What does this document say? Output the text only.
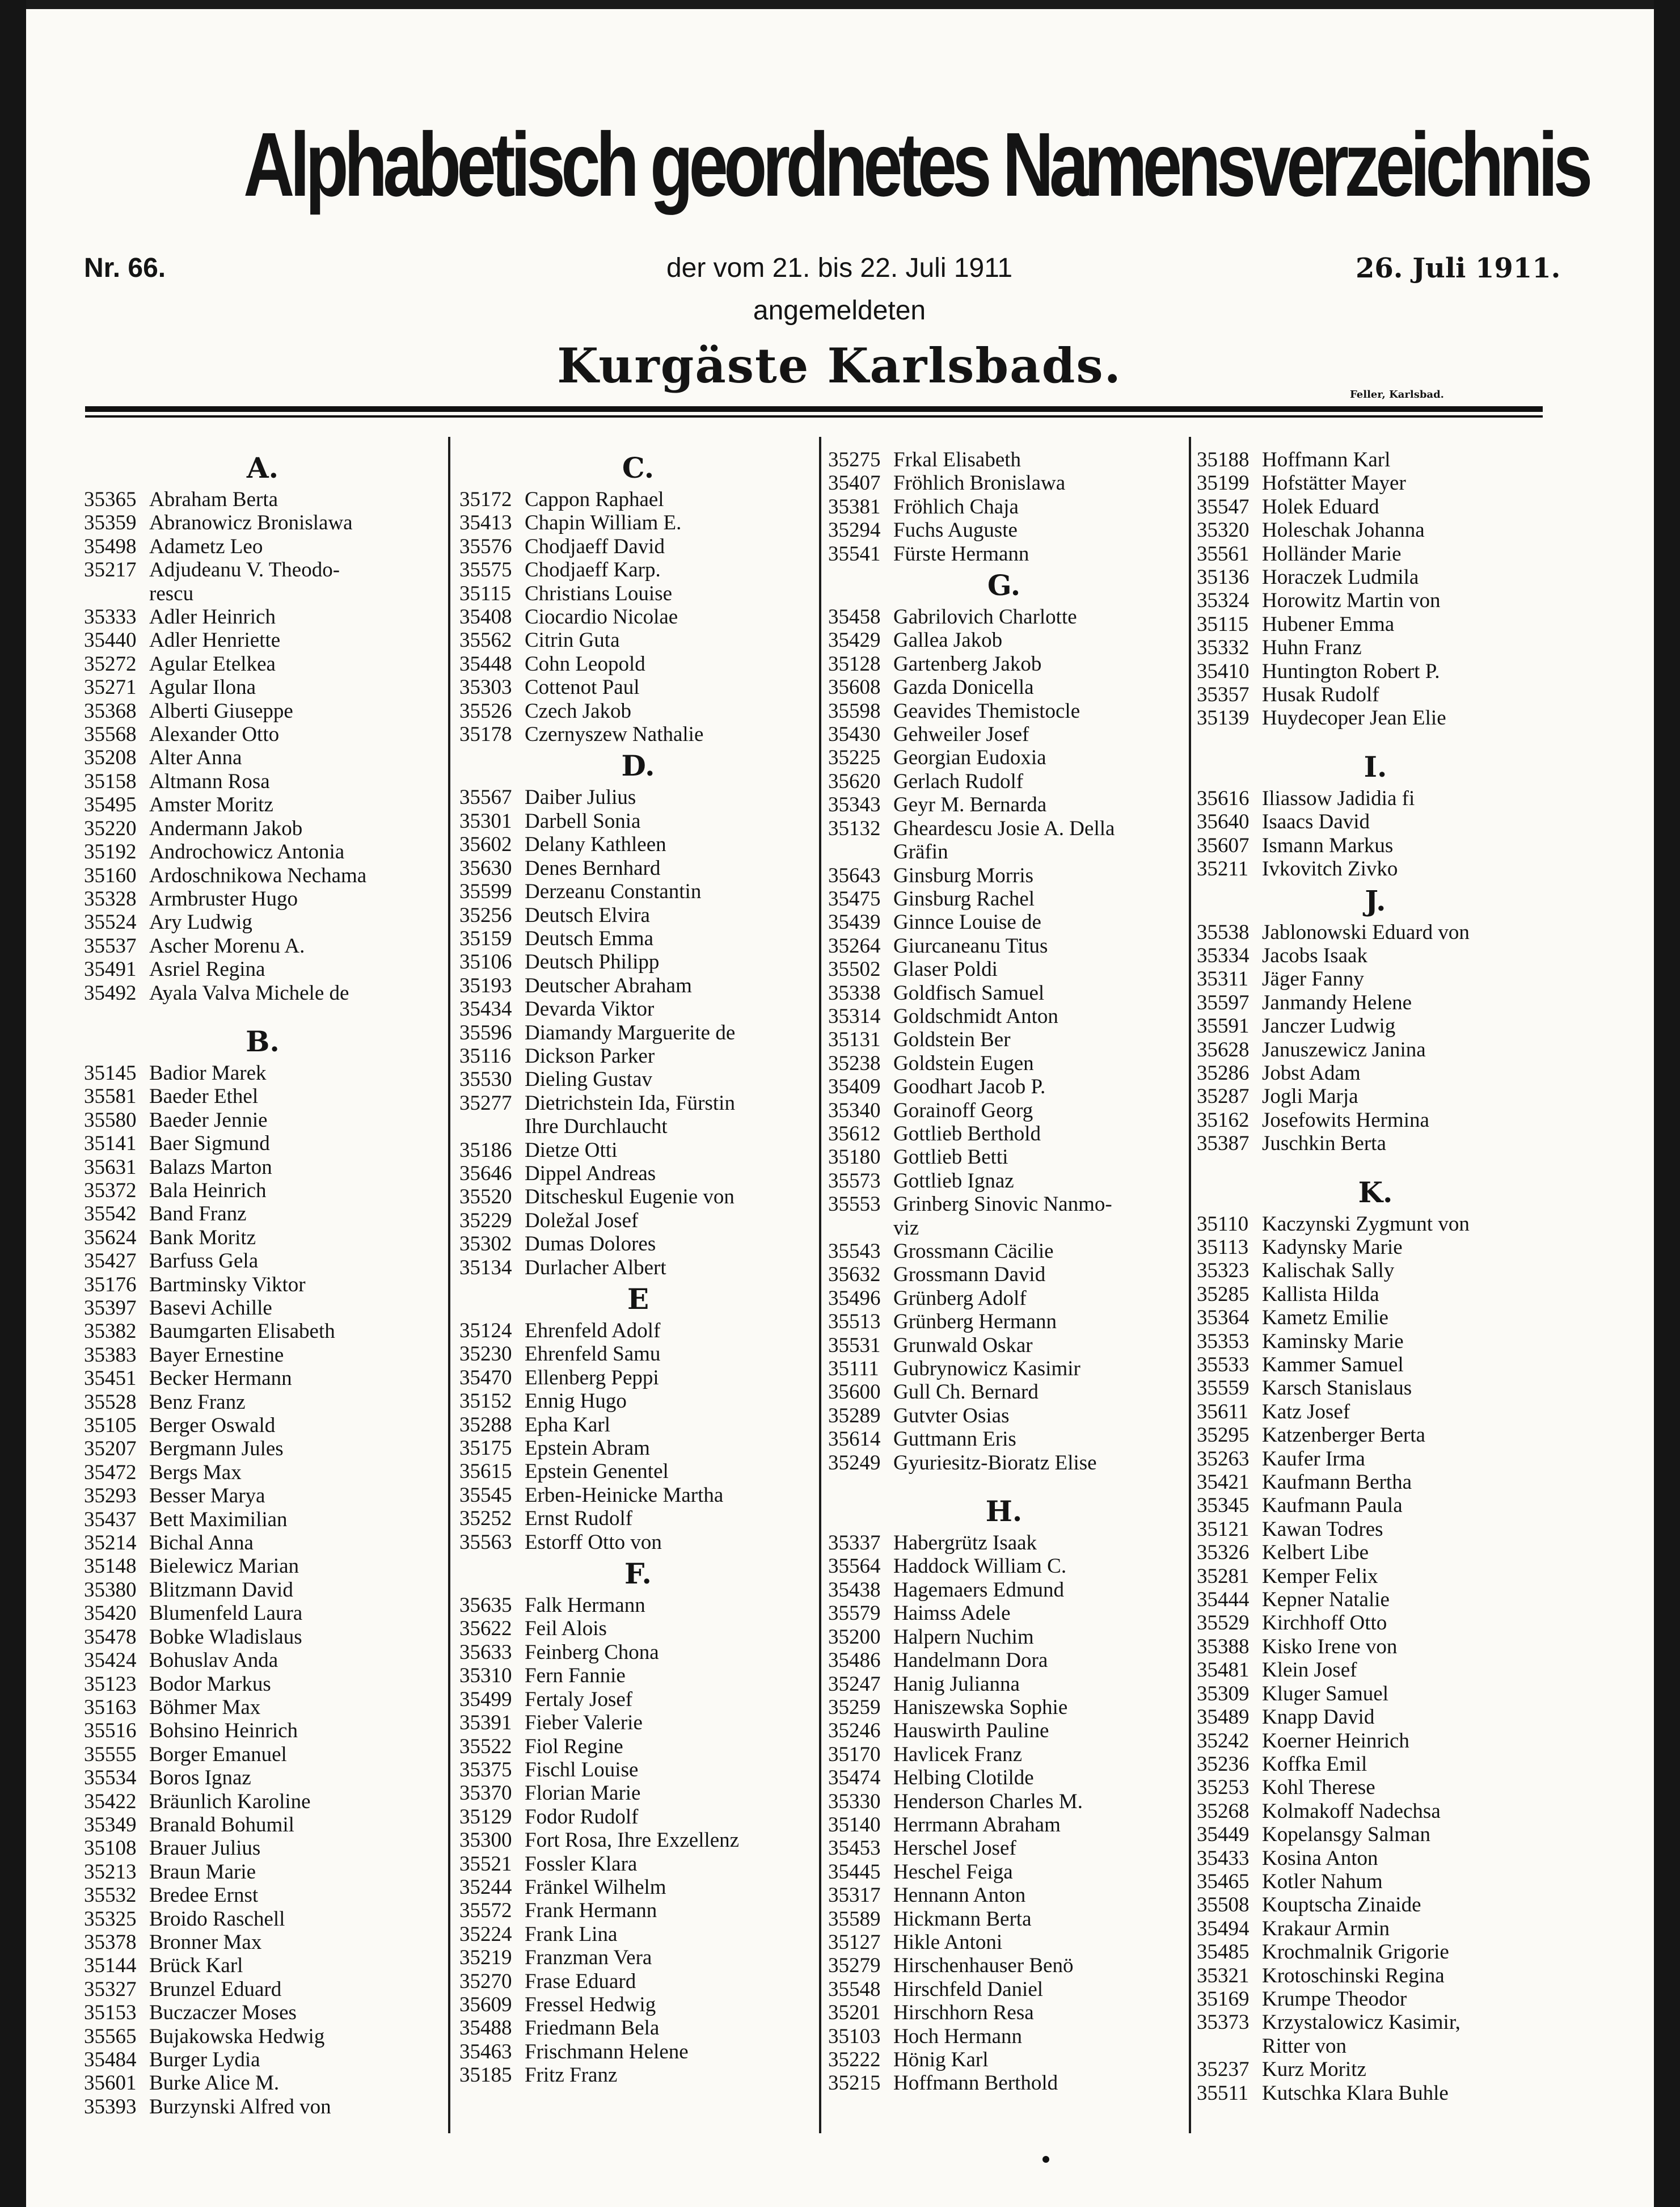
Alphabetisch geordnetes Namensverzeichnis
Nr. 66.	der vom 21. bis 22. Juli 1911	26. Juli 1911.
angemeldeten
Kurgäste Karlsbads.
Feller, Karlsbad.
A.
35365 Abraham Berta
35359 Abranowicz Bronislawa
35498 Adametz Leo
35217 Adjudeanu V. Theodo-
rescu
35333 Adler Heinrich
35440 Adler Henriette
35272 Agular Etelkea
35271 Agular Ilona
35368 Alberti Giuseppe
35568 Alexander Otto
35208 Alter Anna
35158 Altmann Rosa
35495 Amster Moritz
35220 Andermann Jakob
35192 Androchowicz Antonia
35160 Ardoschnikowa Nechama
35328 Armbruster Hugo
35524 Ary Ludwig
35537 Ascher Morenu A.
35491 Asriel Regina
35492 Ayala Valva Michele de
B.
35145 Badior Marek
35581 Baeder Ethel
35580 Baeder Jennie
35141 Baer Sigmund
35631 Balazs Marton
35372 Bala Heinrich
35542 Band Franz
35624 Bank Moritz
35427 Barfuss Gela
35176 Bartminsky Viktor
35397 Basevi Achille
35382 Baumgarten Elisabeth
35383 Bayer Ernestine
35451 Becker Hermann
35528 Benz Franz
35105 Berger Oswald
35207 Bergmann Jules
35472 Bergs Max
35293 Besser Marya
35437 Bett Maximilian
35214 Bichal Anna
35148 Bielewicz Marian
35380 Blitzmann David
35420 Blumenfeld Laura
35478 Bobke Wladislaus
35424 Bohuslav Anda
35123 Bodor Markus
35163 Böhmer Max
35516 Bohsino Heinrich
35555 Borger Emanuel
35534 Boros Ignaz
35422 Bräunlich Karoline
35349 Branald Bohumil
35108 Brauer Julius
35213 Braun Marie
35532 Bredee Ernst
35325 Broido Raschell
35378 Bronner Max
35144 Brück Karl
35327 Brunzel Eduard
35153 Buczaczer Moses
35565 Bujakowska Hedwig
35484 Burger Lydia
35601 Burke Alice M.
35393 Burzynski Alfred von
C.
35172 Cappon Raphael
35413 Chapin William E.
35576 Chodjaeff David
35575 Chodjaeff Karp.
35115 Christians Louise
35408 Ciocardio Nicolae
35562 Citrin Guta
35448 Cohn Leopold
35303 Cottenot Paul
35526 Czech Jakob
35178 Czernyszew Nathalie
D.
35567 Daiber Julius
35301 Darbell Sonia
35602 Delany Kathleen
35630 Denes Bernhard
35599 Derzeanu Constantin
35256 Deutsch Elvira
35159 Deutsch Emma
35106 Deutsch Philipp
35193 Deutscher Abraham
35434 Devarda Viktor
35596 Diamandy Marguerite de
35116 Dickson Parker
35530 Dieling Gustav
35277 Dietrichstein Ida, Fürstin
Ihre Durchlaucht
35186 Dietze Otti
35646 Dippel Andreas
35520 Ditscheskul Eugenie von
35229 Doležal Josef
35302 Dumas Dolores
35134 Durlacher Albert
E
35124 Ehrenfeld Adolf
35230 Ehrenfeld Samu
35470 Ellenberg Peppi
35152 Ennig Hugo
35288 Epha Karl
35175 Epstein Abram
35615 Epstein Genentel
35545 Erben-Heinicke Martha
35252 Ernst Rudolf
35563 Estorff Otto von
F.
35635 Falk Hermann
35622 Feil Alois
35633 Feinberg Chona
35310 Fern Fannie
35499 Fertaly Josef
35391 Fieber Valerie
35522 Fiol Regine
35375 Fischl Louise
35370 Florian Marie
35129 Fodor Rudolf
35300 Fort Rosa, Ihre Exzellenz
35521 Fossler Klara
35244 Fränkel Wilhelm
35572 Frank Hermann
35224 Frank Lina
35219 Franzman Vera
35270 Frase Eduard
35609 Fressel Hedwig
35488 Friedmann Bela
35463 Frischmann Helene
35185 Fritz Franz
35275 Frkal Elisabeth
35407 Fröhlich Bronislawa
35381 Fröhlich Chaja
35294 Fuchs Auguste
35541 Fürste Hermann
G.
35458 Gabrilovich Charlotte
35429 Gallea Jakob
35128 Gartenberg Jakob
35608 Gazda Donicella
35598 Geavides Themistocle
35430 Gehweiler Josef
35225 Georgian Eudoxia
35620 Gerlach Rudolf
35343 Geyr M. Bernarda
35132 Gheardescu Josie A. Della
Gräfin
35643 Ginsburg Morris
35475 Ginsburg Rachel
35439 Ginnce Louise de
35264 Giurcaneanu Titus
35502 Glaser Poldi
35338 Goldfisch Samuel
35314 Goldschmidt Anton
35131 Goldstein Ber
35238 Goldstein Eugen
35409 Goodhart Jacob P.
35340 Gorainoff Georg
35612 Gottlieb Berthold
35180 Gottlieb Betti
35573 Gottlieb Ignaz
35553 Grinberg Sinovic Nanmo-
viz
35543 Grossmann Cäcilie
35632 Grossmann David
35496 Grünberg Adolf
35513 Grünberg Hermann
35531 Grunwald Oskar
35111 Gubrynowicz Kasimir
35600 Gull Ch. Bernard
35289 Gutvter Osias
35614 Guttmann Eris
35249 Gyuriesitz-Bioratz Elise
H.
35337 Habergrütz Isaak
35564 Haddock William C.
35438 Hagemaers Edmund
35579 Haimss Adele
35200 Halpern Nuchim
35486 Handelmann Dora
35247 Hanig Julianna
35259 Haniszewska Sophie
35246 Hauswirth Pauline
35170 Havlicek Franz
35474 Helbing Clotilde
35330 Henderson Charles M.
35140 Herrmann Abraham
35453 Herschel Josef
35445 Heschel Feiga
35317 Hennann Anton
35589 Hickmann Berta
35127 Hikle Antoni
35279 Hirschenhauser Benö
35548 Hirschfeld Daniel
35201 Hirschhorn Resa
35103 Hoch Hermann
35222 Hönig Karl
35215 Hoffmann Berthold
35188 Hoffmann Karl
35199 Hofstätter Mayer
35547 Holek Eduard
35320 Holeschak Johanna
35561 Holländer Marie
35136 Horaczek Ludmila
35324 Horowitz Martin von
35115 Hubener Emma
35332 Huhn Franz
35410 Huntington Robert P.
35357 Husak Rudolf
35139 Huydecoper Jean Elie
I.
35616 Iliassow Jadidia fi
35640 Isaacs David
35607 Ismann Markus
35211 Ivkovitch Zivko
J.
35538 Jablonowski Eduard von
35334 Jacobs Isaak
35311 Jäger Fanny
35597 Janmandy Helene
35591 Janczer Ludwig
35628 Januszewicz Janina
35286 Jobst Adam
35287 Jogli Marja
35162 Josefowits Hermina
35387 Juschkin Berta
K.
35110 Kaczynski Zygmunt von
35113 Kadynsky Marie
35323 Kalischak Sally
35285 Kallista Hilda
35364 Kametz Emilie
35353 Kaminsky Marie
35533 Kammer Samuel
35559 Karsch Stanislaus
35611 Katz Josef
35295 Katzenberger Berta
35263 Kaufer Irma
35421 Kaufmann Bertha
35345 Kaufmann Paula
35121 Kawan Todres
35326 Kelbert Libe
35281 Kemper Felix
35444 Kepner Natalie
35529 Kirchhoff Otto
35388 Kisko Irene von
35481 Klein Josef
35309 Kluger Samuel
35489 Knapp David
35242 Koerner Heinrich
35236 Koffka Emil
35253 Kohl Therese
35268 Kolmakoff Nadechsa
35449 Kopelansgy Salman
35433 Kosina Anton
35465 Kotler Nahum
35508 Kouptscha Zinaide
35494 Krakaur Armin
35485 Krochmalnik Grigorie
35321 Krotoschinski Regina
35169 Krumpe Theodor
35373 Krzystalowicz Kasimir,
Ritter von
35237 Kurz Moritz
35511 Kutschka Klara Buhle
